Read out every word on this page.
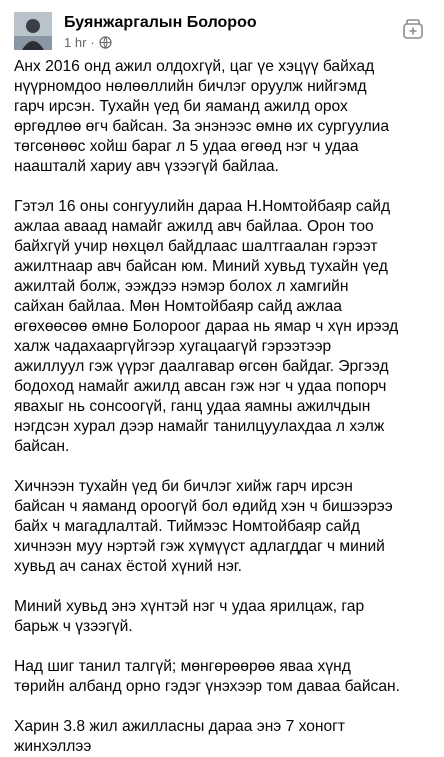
Буянжаргалын Болороо
1 hr ·

Анх 2016 онд ажил олдохгүй, цаг үе хэцүү байхад
нүүрномдоо нөлөөллийн бичлэг оруулж нийгэмд
гарч ирсэн. Тухайн үед би яаманд ажилд орох
өргөдлөө өгч байсан. За энэнээс өмнө их сургуулиа
төгсөнөөс хойш бараг л 5 удаа өгөөд нэг ч удаа
наашталй хариу авч үзээгүй байлаа.

Гэтэл 16 оны сонгуулийн дараа Н.Номтойбаяр сайд
ажлаа аваад намайг ажилд авч байлаа. Орон тоо
байхгүй учир нөхцөл байдлаас шалтгаалан гэрээт
ажилтнаар авч байсан юм. Миний хувьд тухайн үед
ажилтай болж, ээждээ нэмэр болох л хамгийн
сайхан байлаа. Мөн Номтойбаяр сайд ажлаа
өгөхөөсөө өмнө Болороог дараа нь ямар ч хүн ирээд
халж чадахааргүйгээр хугацаагүй гэрээтээр
ажиллуул гэж үүрэг даалгавар өгсөн байдаг. Эргээд
бодоход намайг ажилд авсан гэж нэг ч удаа попорч
явахыг нь сонсоогүй, ганц удаа яамны ажилчдын
нэгдсэн хурал дээр намайг танилцуулахдаа л хэлж
байсан.

Хичнээн тухайн үед би бичлэг хийж гарч ирсэн
байсан ч яаманд ороогүй бол өдийд хэн ч бишээрээ
байх ч магадлалтай. Тиймээс Номтойбаяр сайд
хичнээн муу нэртэй гэж хүмүүст адлагддаг ч миний
хувьд ач санах ёстой хүний нэг.

Миний хувьд энэ хүнтэй нэг ч удаа ярилцаж, гар
барьж ч үзээгүй.

Над шиг танил талгүй; мөнгөрөөрөө яваа хүнд
төрийн албанд орно гэдэг үнэхээр том даваа байсан.

Харин 3.8 жил ажилласны дараа энэ 7 хоногт
жинхэллээ
